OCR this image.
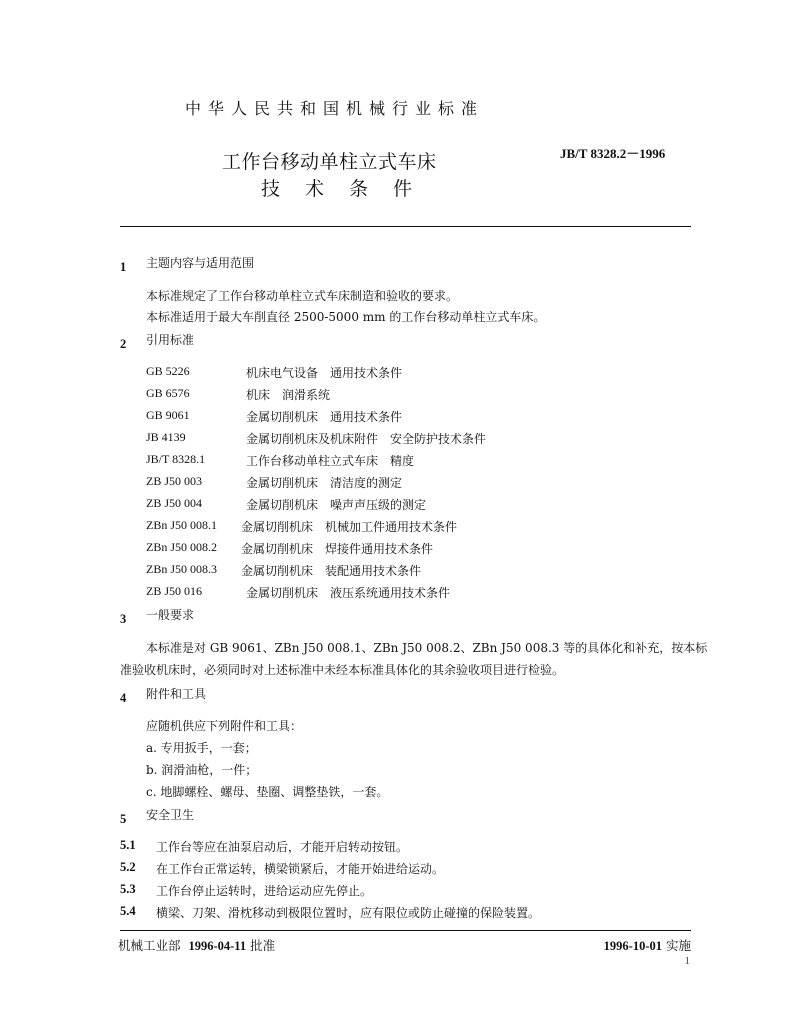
中华人民共和国机械行业标准
JB/T 8328.2－1996
工作台移动单柱立式车床
技术条件
1 主题内容与适用范围
本标准规定了工作台移动单柱立式车床制造和验收的要求。
本标准适用于最大车削直径 2500-5000 mm 的工作台移动单柱立式车床。
2 引用标准
GB 5226	机床电气设备　通用技术条件
GB 6576	机床　润滑系统
GB 9061	金属切削机床　通用技术条件
JB 4139	金属切削机床及机床附件　安全防护技术条件
JB/T 8328.1	工作台移动单柱立式车床　精度
ZB J50 003	金属切削机床　清洁度的测定
ZB J50 004	金属切削机床　噪声声压级的测定
ZBn J50 008.1 金属切削机床　机械加工件通用技术条件
ZBn J50 008.2 金属切削机床　焊接件通用技术条件
ZBn J50 008.3 金属切削机床　装配通用技术条件
ZB J50 016	金属切削机床　液压系统通用技术条件
3 一般要求
本标准是对 GB 9061、ZBn J50 008.1、ZBn J50 008.2、ZBn J50 008.3 等的具体化和补充，按本标
准验收机床时，必须同时对上述标准中未经本标准具体化的其余验收项目进行检验。
4 附件和工具
应随机供应下列附件和工具：
a. 专用扳手，一套；
b. 润滑油枪，一件；
c. 地脚螺栓、螺母、垫圈、调整垫铁，一套。
5 安全卫生
5.1 工作台等应在油泵启动后，才能开启转动按钮。
5.2 在工作台正常运转，横梁锁紧后，才能开始进给运动。
5.3 工作台停止运转时，进给运动应先停止。
5.4 横梁、刀架、滑枕移动到极限位置时，应有限位或防止碰撞的保险装置。
机械工业部 1996-04-11 批准	1996-10-01 实施
1
